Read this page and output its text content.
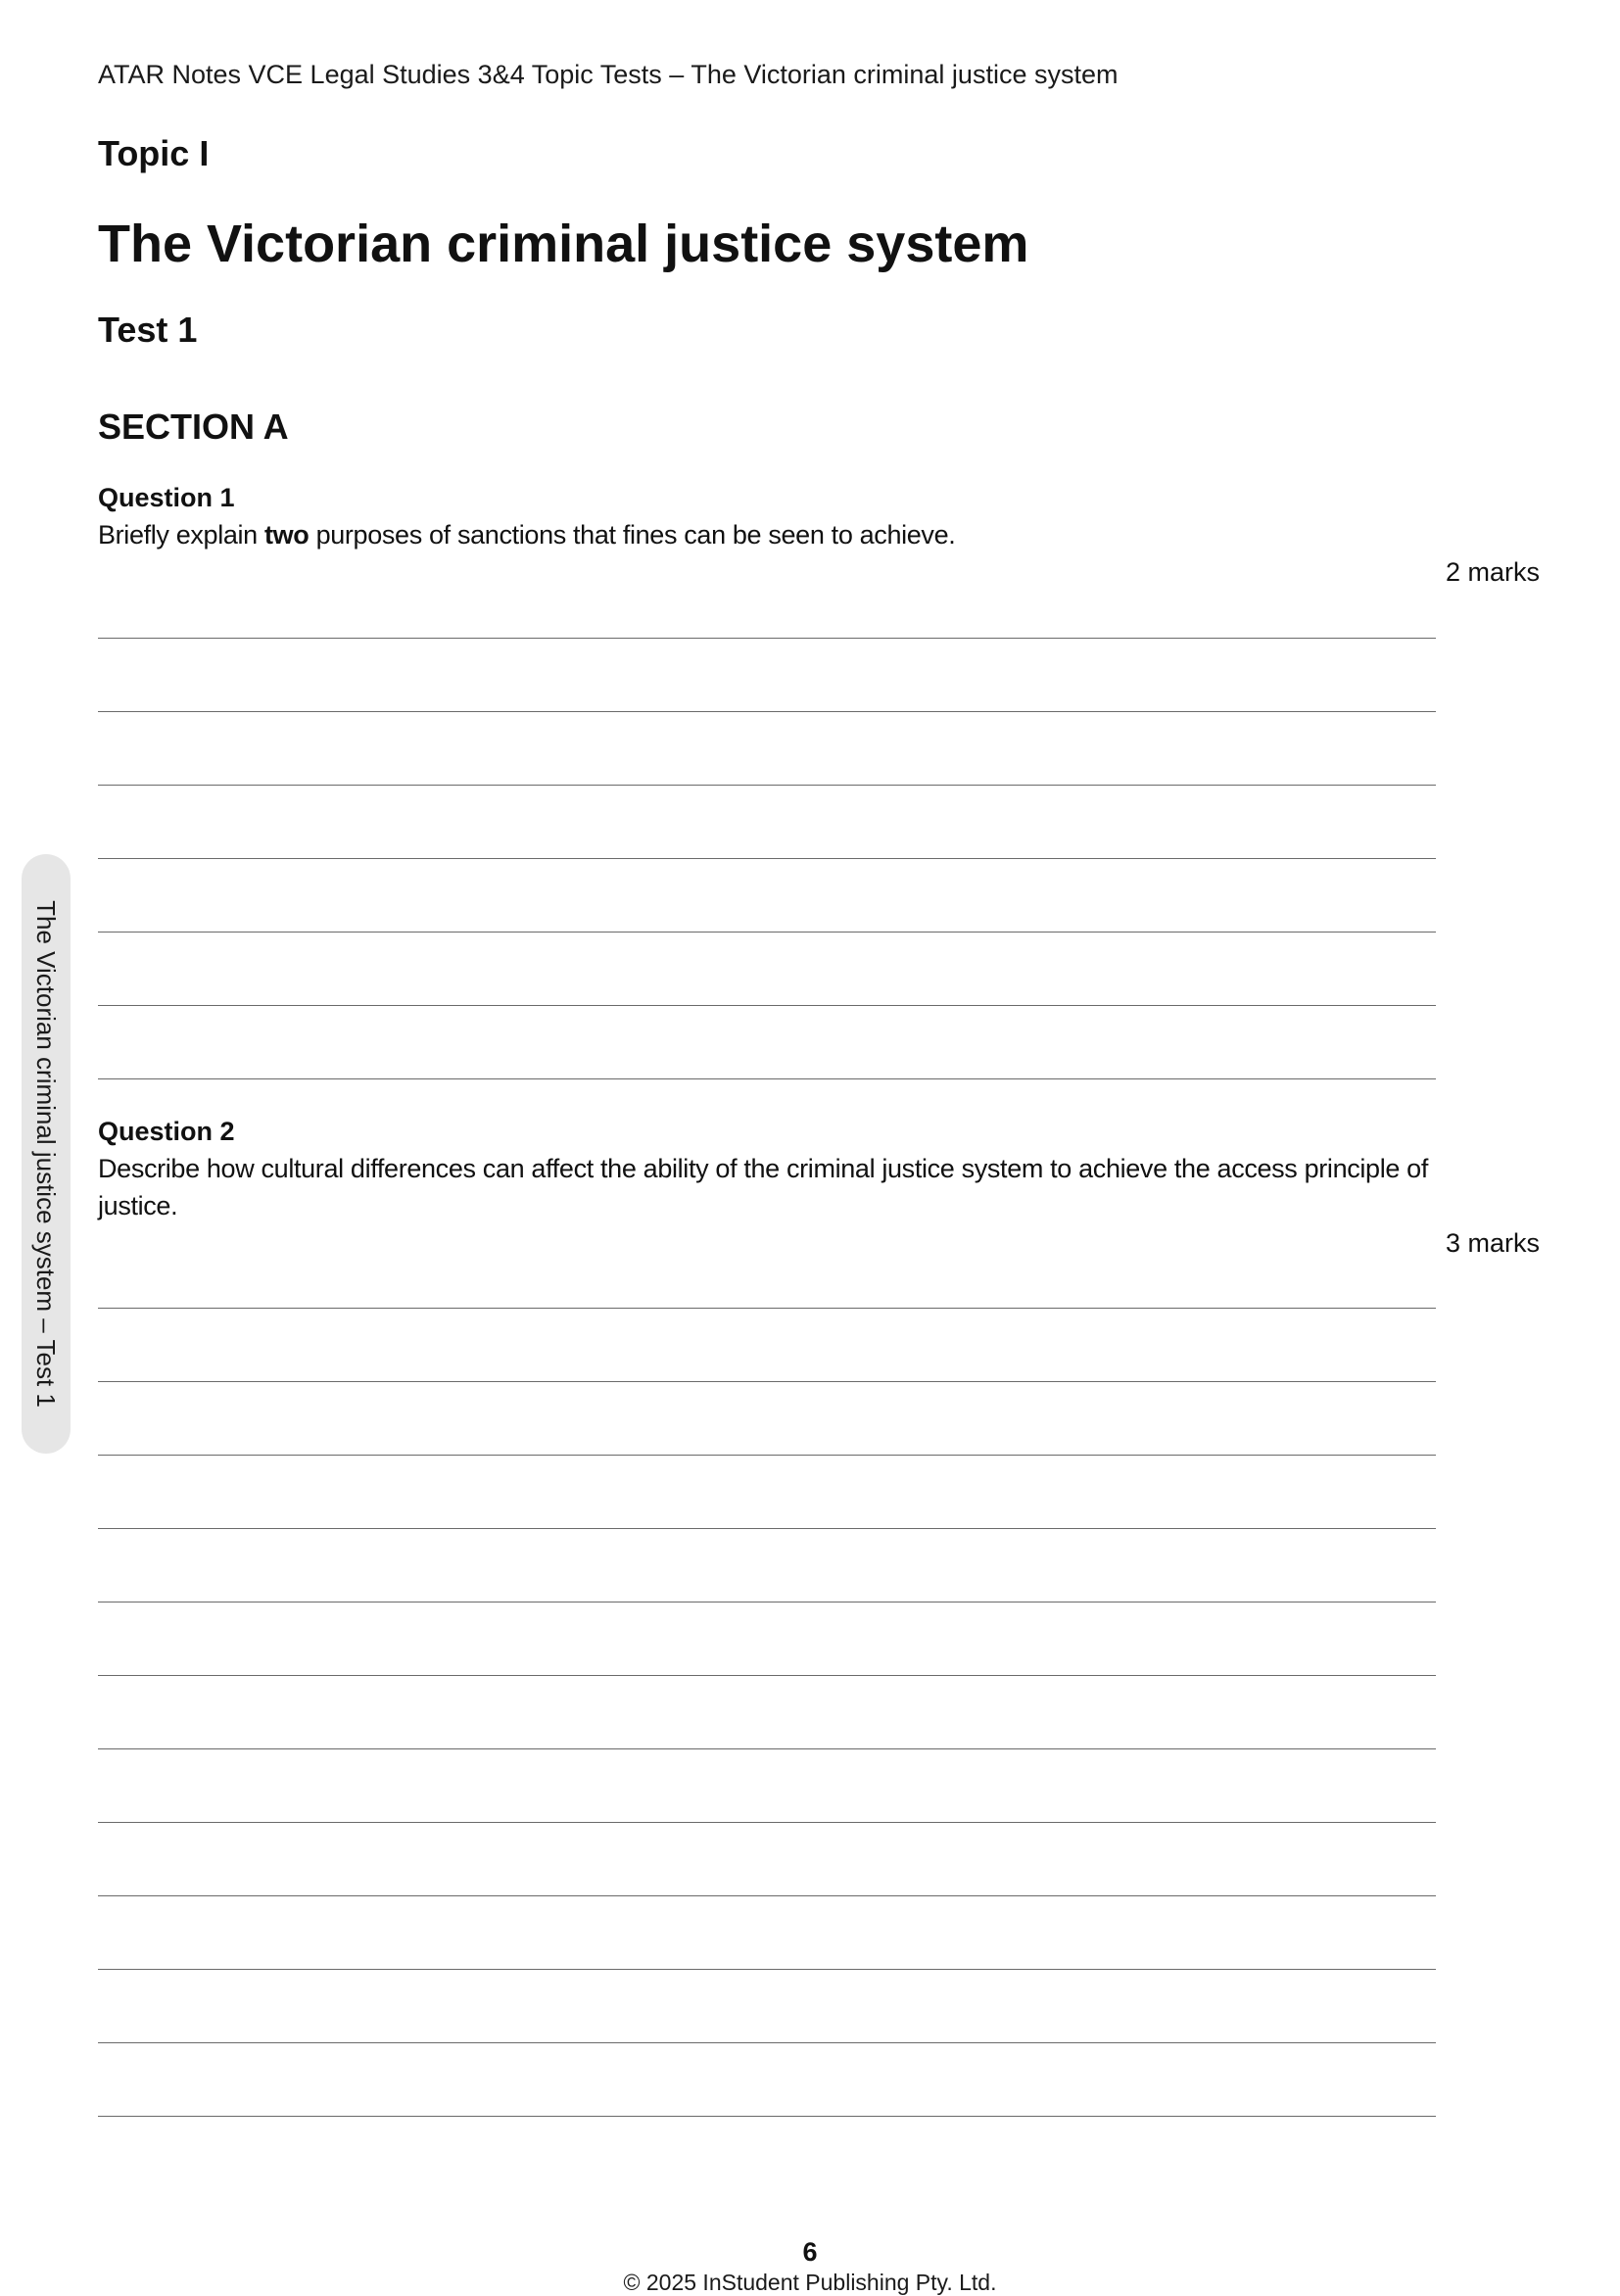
ATAR Notes VCE Legal Studies 3&4 Topic Tests – The Victorian criminal justice system
Topic I
The Victorian criminal justice system
Test 1
SECTION A

Question 1

Briefly explain two purposes of sanctions that fines can be seen to achieve.

2 marks

Question 2

Describe how cultural differences can affect the ability of the criminal justice system to achieve the access principle of justice.

3 marks
The Victorian criminal justice system – Test 1
6
© 2025 InStudent Publishing Pty. Ltd.
